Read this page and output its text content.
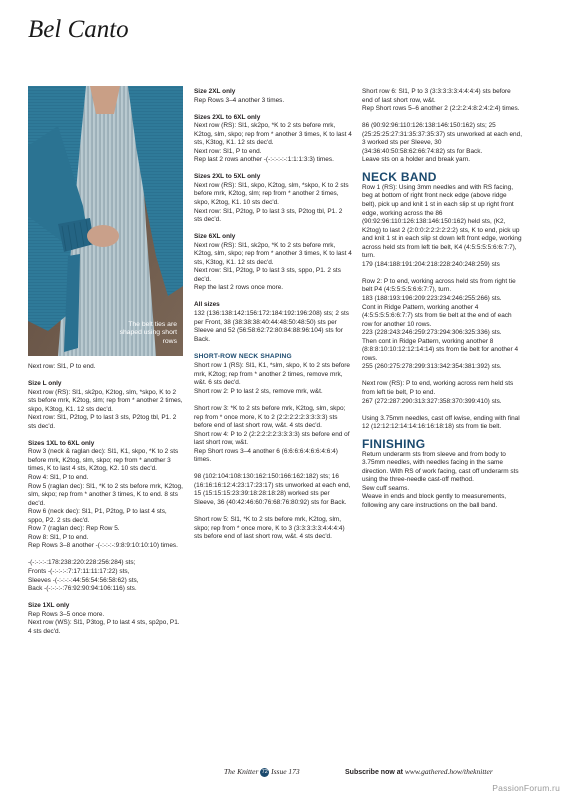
Bel Canto
The belt ties are shaped using short rows

Next row: Sl1, P to end.

Size L only

Next row (RS): Sl1, sk2po, K2tog, slm, *skpo, K to 2 sts before mrk, K2tog, slm; rep from * another 2 times, skpo, K3tog, K1. 12 sts dec'd.
Next row: Sl1, P2tog, P to last 3 sts, P2tog tbl, P1. 2 sts dec'd.

Sizes 1XL to 6XL only

Row 3 (neck & raglan dec): Sl1, K1, skpo, *K to 2 sts before mrk, K2tog, slm, skpo; rep from * another 3 times, K to last 4 sts, K2tog, K2. 10 sts dec'd.
Row 4: Sl1, P to end.
Row 5 (raglan dec): Sl1, *K to 2 sts before mrk, K2tog, slm, skpo; rep from * another 3 times, K to end. 8 sts dec'd.
Row 6 (neck dec): Sl1, P1, P2tog, P to last 4 sts, sppo, P2. 2 sts dec'd.
Row 7 (raglan dec): Rep Row 5.
Row 8: Sl1, P to end.
Rep Rows 3–8 another -(-:-:-:-:9:8:9:10:10:10) times.

-(-:-:-:-:178:238:220:228:256:284) sts;
Fronts -(-:-:-:-:7:17:11:11:17:22) sts,
Sleeves -(-:-:-:-:44:56:54:56:58:62) sts,
Back -(-:-:-:-:76:92:90:94:106:116) sts.

Size 1XL only

Rep Rows 3–5 once more.
Next row (WS): Sl1, P3tog, P to last 4 sts, sp2po, P1. 4 sts dec'd.

Size 2XL only

Rep Rows 3–4 another 3 times.

Sizes 2XL to 6XL only

Next row (RS): Sl1, sk2po, *K to 2 sts before mrk, K2tog, slm, skpo; rep from * another 3 times, K to last 4 sts, K3tog, K1. 12 sts dec'd.
Next row: Sl1, P to end.
Rep last 2 rows another -(-:-:-:-:-:1:1:1:3:3) times.

Sizes 2XL to 5XL only

Next row (RS): Sl1, skpo, K2tog, slm, *skpo, K to 2 sts before mrk, K2tog, slm; rep from * another 2 times, skpo, K2tog, K1. 10 sts dec'd.
Next row: Sl1, P2tog, P to last 3 sts, P2tog tbl, P1. 2 sts dec'd.

Size 6XL only

Next row (RS): Sl1, sk2po, *K to 2 sts before mrk, K2tog, slm, skpo; rep from * another 3 times, K to last 4 sts, K3tog, K1. 12 sts dec'd.
Next row: Sl1, P2tog, P to last 3 sts, sppo, P1. 2 sts dec'd.
Rep the last 2 rows once more.

All sizes

132 (136:138:142:156:172:184:192:196:208) sts; 2 sts per Front, 38 (38:38:38:40:44:48:50:48:50) sts per Sleeve and 52 (56:58:62:72:80:84:88:96:104) sts for Back.

SHORT-ROW NECK SHAPING

Short row 1 (RS): Sl1, K1, *slm, skpo, K to 2 sts before mrk, K2tog; rep from * another 2 times, remove mrk, w&t. 6 sts dec'd.
Short row 2: P to last 2 sts, remove mrk, w&t.

Short row 3: *K to 2 sts before mrk, K2tog, slm, skpo; rep from * once more, K to 2 (2:2:2:2:2:3:3:3:3) sts before end of last short row, w&t. 4 sts dec'd.
Short row 4: P to 2 (2:2:2:2:2:3:3:3:3) sts before end of last short row, w&t.
Rep Short rows 3–4 another 6 (6:6:6:6:4:6:6:4:6:4) times.

98 (102:104:108:130:162:150:166:162:182) sts; 16 (16:16:16:12:4:23:17:23:17) sts unworked at each end, 15 (15:15:15:23:39:18:28:18:28) worked sts per Sleeve, 36 (40:42:46:60:76:68:76:80:92) sts for Back.

Short row 5: Sl1, *K to 2 sts before mrk, K2tog, slm, skpo; rep from * once more, K to 3 (3:3:3:3:3:4:4:4:4) sts before end of last short row, w&t. 4 sts dec'd.

Short row 6: Sl1, P to 3 (3:3:3:3:3:4:4:4:4) sts before end of last short row, w&t.
Rep Short rows 5–6 another 2 (2:2:2:4:8:2:4:2:4) times.

86 (90:92:96:110:126:138:146:150:162) sts; 25 (25:25:25:27:31:35:37:35:37) sts unworked at each end, 3 worked sts per Sleeve, 30 (34:36:40:50:58:62:66:74:82) sts for Back.
Leave sts on a holder and break yarn.

NECK BAND

Row 1 (RS): Using 3mm needles and with RS facing, beg at bottom of right front neck edge (above ridge belt), pick up and knit 1 st in each slip st up right front edge, working across the 86 (90:92:96:110:126:138:146:150:162) held sts, (K2, K2tog) to last 2 (2:0:0:2:2:2:2:2:2) sts, K to end, pick up and knit 1 st in each slip st down left front edge, working across held sts from left tie belt, K4 (4:5:5:5:5:6:6:7:7), turn.
179 (184:188:191:204:218:228:240:248:259) sts

Row 2: P to end, working across held sts from right tie belt P4 (4:5:5:5:5:6:6:7:7), turn.
183 (188:193:196:209:223:234:246:255:266) sts.
Cont in Ridge Pattern, working another 4 (4:5:5:5:5:6:6:7:7) sts from tie belt at the end of each row for another 10 rows.
223 (228:243:246:259:273:294:306:325:336) sts.
Then cont in Ridge Pattern, working another 8 (8:8:8:10:10:12:12:14:14) sts from tie belt for another 4 rows.
255 (260:275:278:299:313:342:354:381:392) sts.

Next row (RS): P to end, working across rem held sts from left tie belt, P to end.
267 (272:287:290:313:327:358:370:399:410) sts.

Using 3.75mm needles, cast off kwise, ending with final 12 (12:12:12:14:14:16:16:18:18) sts from tie belt.

FINISHING

Return underarm sts from sleeve and from body to 3.75mm needles, with needles facing in the same direction. With RS of work facing, cast off underarm sts using the three-needle cast-off method.
Sew cuff seams.
Weave in ends and block gently to measurements, following any care instructions on the ball band.

The Knitter 72 Issue 173	Subscribe now at www.gathered.how/theknitter
PassionForum.ru
